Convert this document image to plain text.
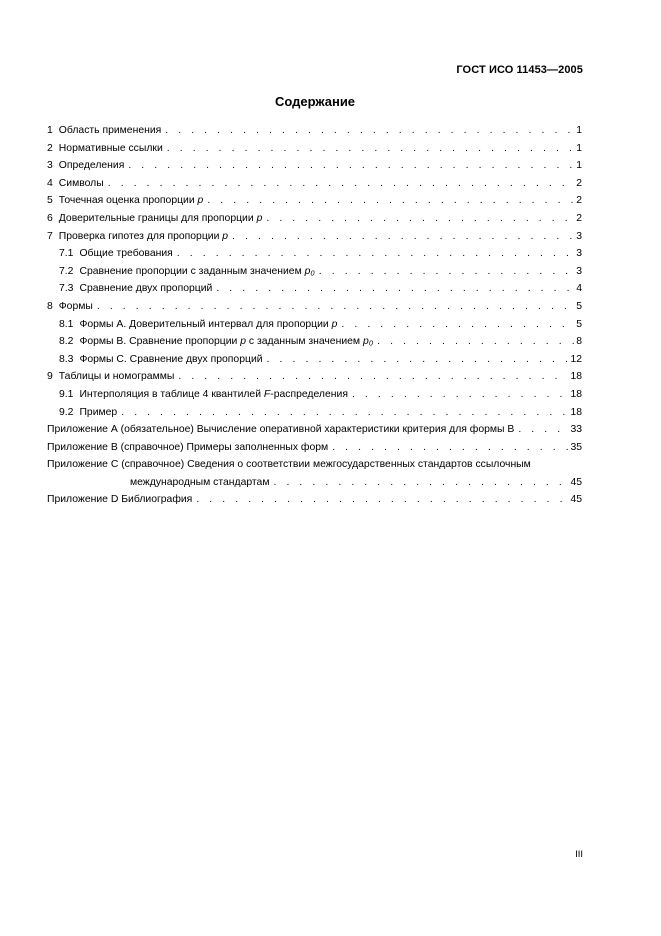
ГОСТ ИСО 11453—2005
Содержание
1 Область применения . . .	1
2 Нормативные ссылки . . .	1
3 Определения . . .	1
4 Символы . . .	2
5 Точечная оценка пропорции p . . .	2
6 Доверительные границы для пропорции p . . .	2
7 Проверка гипотез для пропорции p . . .	3
7.1 Общие требования . . .	3
7.2 Сравнение пропорции с заданным значением p₀ . . .	3
7.3 Сравнение двух пропорций . . .	4
8 Формы . . .	5
8.1 Формы А. Доверительный интервал для пропорции p . . .	5
8.2 Формы В. Сравнение пропорции p с заданным значением p₀ . . .	8
8.3 Формы С. Сравнение двух пропорций . . .	12
9 Таблицы и номограммы . . .	18
9.1 Интерполяция в таблице 4 квантилей F-распределения . . .	18
9.2 Пример . . .	18
Приложение А (обязательное) Вычисление оперативной характеристики критерия для формы В . . .	33
Приложение В (справочное) Примеры заполненных форм . . .	35
Приложение С (справочное) Сведения о соответствии межгосударственных стандартов ссылочным
международным стандартам . . .	45
Приложение D Библиография . . .	45
III
